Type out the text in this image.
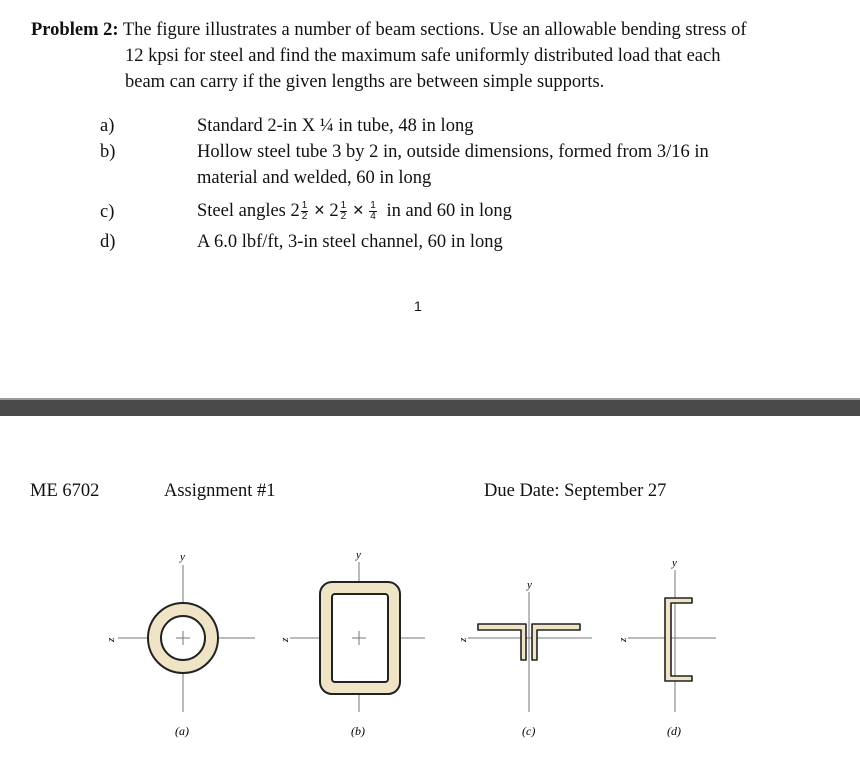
Problem 2: The figure illustrates a number of beam sections. Use an allowable bending stress of
12 kpsi for steel and find the maximum safe uniformly distributed load that each
beam can carry if the given lengths are between simple supports.
a)	Standard 2-in X ¼ in tube, 48 in long
b)	Hollow steel tube 3 by 2 in, outside dimensions, formed from 3/16 in
material and welded, 60 in long
c)	Steel angles $2 \frac{1}{2} \times 2 \frac{1}{2} \times \frac{1}{4}$ in and 60 in long
d)	A 6.0 lbf/ft, 3-in steel channel, 60 in long
1
ME 6702	Assignment #1	Due Date: September 27
y
z
(a)
y
z
(b)
y
z
(c)
y
z
(d)
